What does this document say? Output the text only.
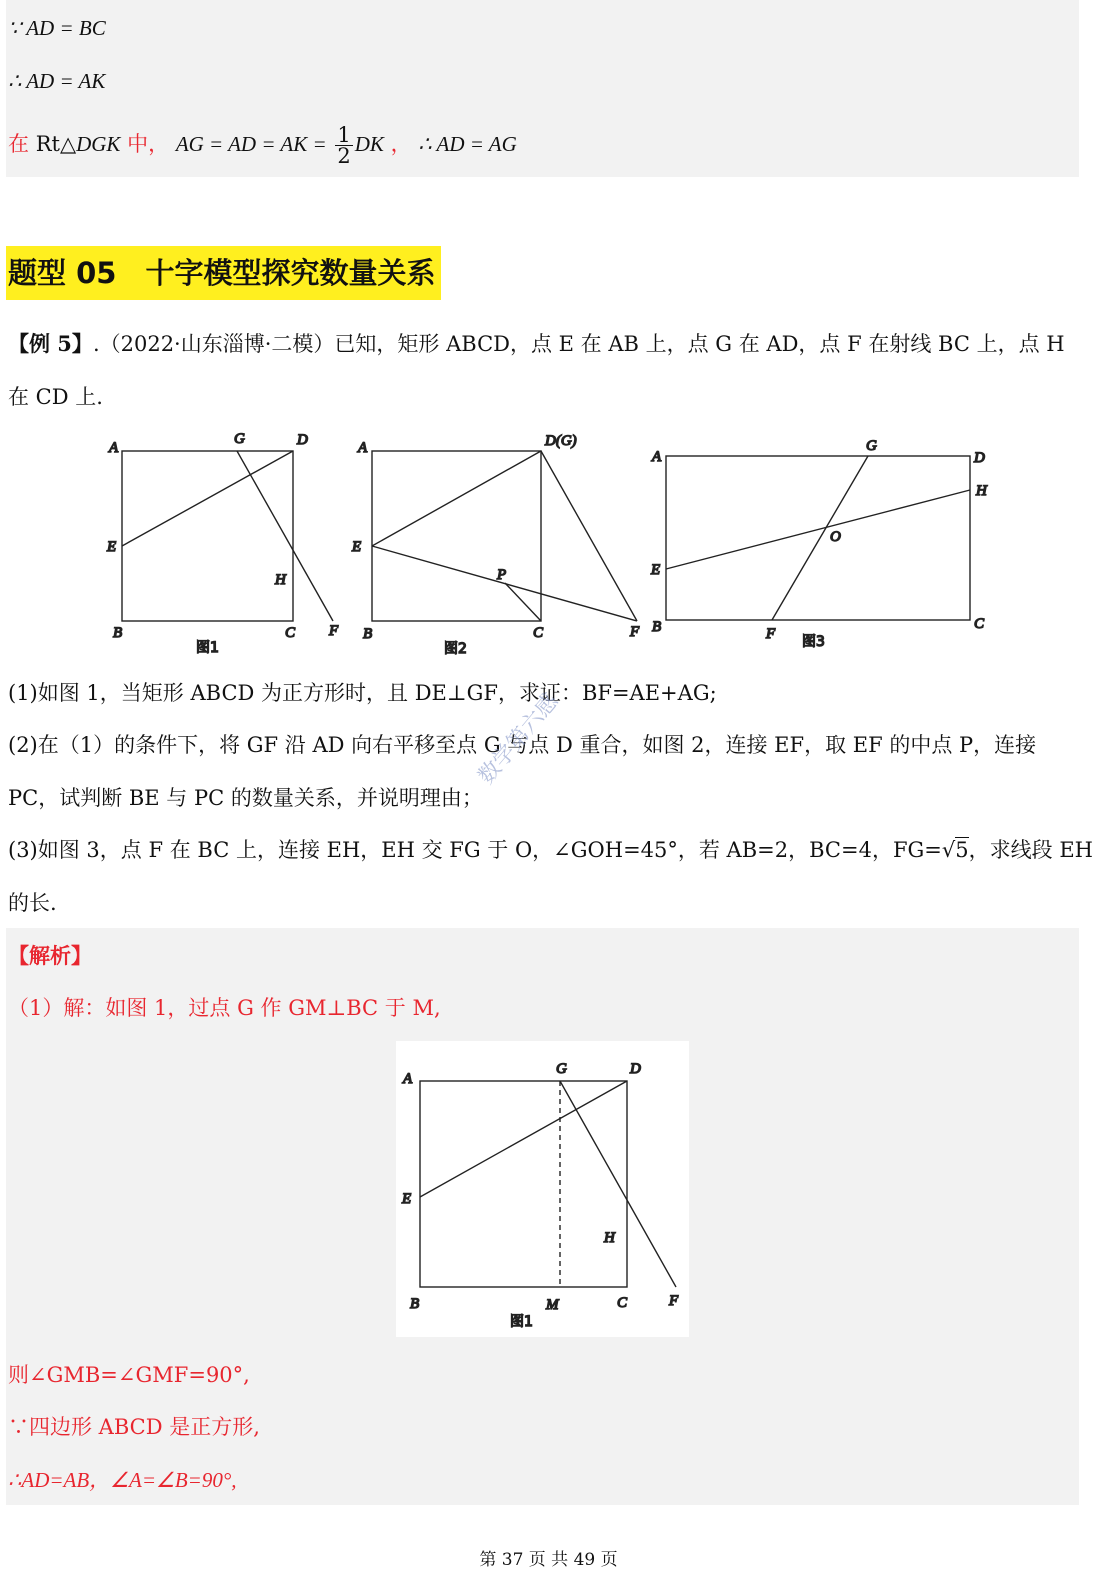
∵ AD = BC
∴ AD = AK
在 Rt△DGK 中， AG = AD = AK = $\frac{1}{2}$ DK ， ∴ AD = AG
题型 05　十字模型探究数量关系
【例 5】.（2022·山东淄博·二模）已知，矩形 ABCD，点 E 在 AB 上，点 G 在 AD，点 F 在射线 BC 上，点 H
在 CD 上.
A
G	D
E
H
B	C F
图1
A	D(G)
E
P
B	C	F
图2
A
G
D
H
O
E
B	F
C
图3
(1)如图 1，当矩形 ABCD 为正方形时，且 DE⊥GF，求证：BF=AE+AG;
(2)在（1）的条件下，将 GF 沿 AD 向右平移至点 G 与点 D 重合，如图 2，连接 EF，取 EF 的中点 P，连接
PC，试判断 BE 与 PC 的数量关系，并说明理由；
(3)如图 3，点 F 在 BC 上，连接 EH，EH 交 FG 于 O，∠GOH=45°，若 AB=2，BC=4，FG=√5，求线段 EH
的长.
数学第六感
【解析】
（1）解：如图 1，过点 G 作 GM⊥BC 于 M,
A
G	D
E
H
B	M	C	F
图1
则∠GMB=∠GMF=90°,
∵四边形 ABCD 是正方形,
∴AD=AB，∠A=∠B=90°,
第 37 页 共 49 页
